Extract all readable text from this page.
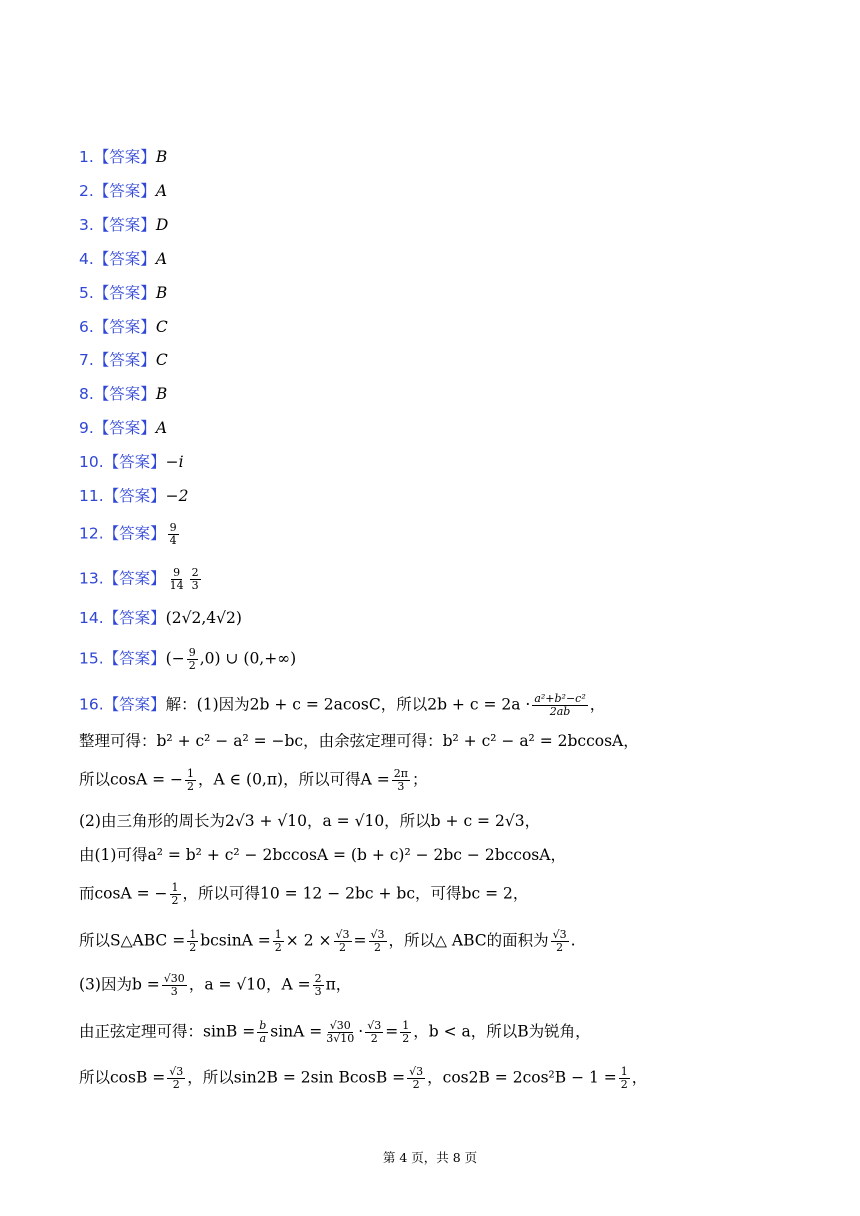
1.【答案】B
2.【答案】A
3.【答案】D
4.【答案】A
5.【答案】B
6.【答案】C
7.【答案】C
8.【答案】B
9.【答案】A
10.【答案】−i
11.【答案】−2
12.【答案】 $\frac{9}{4}$
13.【答案】 $\frac{9}{14} \frac{2}{3}$
14.【答案】(2√2,4√2)
15.【答案】(− $\frac{9}{2} ,0$) ∪ (0,+∞)
16.【答案】解：(1)因为2b + c = 2acosC，所以$2b + c = 2a \cdot \frac{\text{a²+b²−c²}}{2ab}$ ，
整理可得：b² + c² − a² = −bc，由余弦定理可得：b² + c² − a² = 2bccosA，
所以cosA = − $\frac{1}{2}$ ，A ∈ (0,π)，所以可得$A = \frac{2\pi}{3}$ ；
(2)由三角形的周长为2√3 + √10，a = √10，所以b + c = 2√3，
由(1)可得a² = b² + c² − 2bccosA = (b + c)² − 2bc − 2bccosA，
而cosA = − $\frac{1}{2}$ ，所以可得10 = 12 − 2bc + bc，可得bc = 2，
所以S△ABC = $\frac{1}{2}$ $bcsinA = \frac{1}{2} \times 2 \times \frac{√3}{2} = \frac{√3}{2}$ ，所以△ ABC的面积为 $\frac{√3}{2}$ .
(3)因为$b = \frac{√30}{3}$ ，a = √10，$A = \frac{2}{3}$ π，
由正弦定理可得：$\sin B = \frac{b}{a}$ $\sin A = \frac{√30}{3√10} \cdot \frac{√3}{2} = \frac{1}{2}$ ，b < a，所以B为锐角，
所以$\cos B = \frac{√3}{2}$ ，所以sin2B = 2sin $BcosB = \frac{√3}{2}$ ，$\cos 2B = 2\cos^2B - 1 = \frac{1}{2}$ ，
第 4 页，共 8 页
